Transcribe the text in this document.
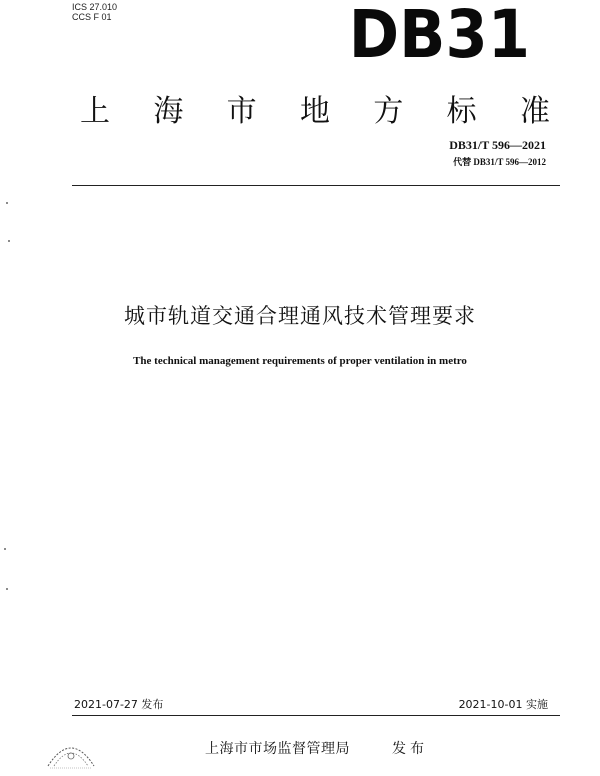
ICS 27.010
CCS F 01	DB31
上 海 市 地 方 标 准
DB31/T 596—2021
代替 DB31/T 596—2012
城市轨道交通合理通风技术管理要求
The technical management requirements of proper ventilation in metro
2021-07-27 发布	2021-10-01 实施
上海市市场监督管理局	发布
